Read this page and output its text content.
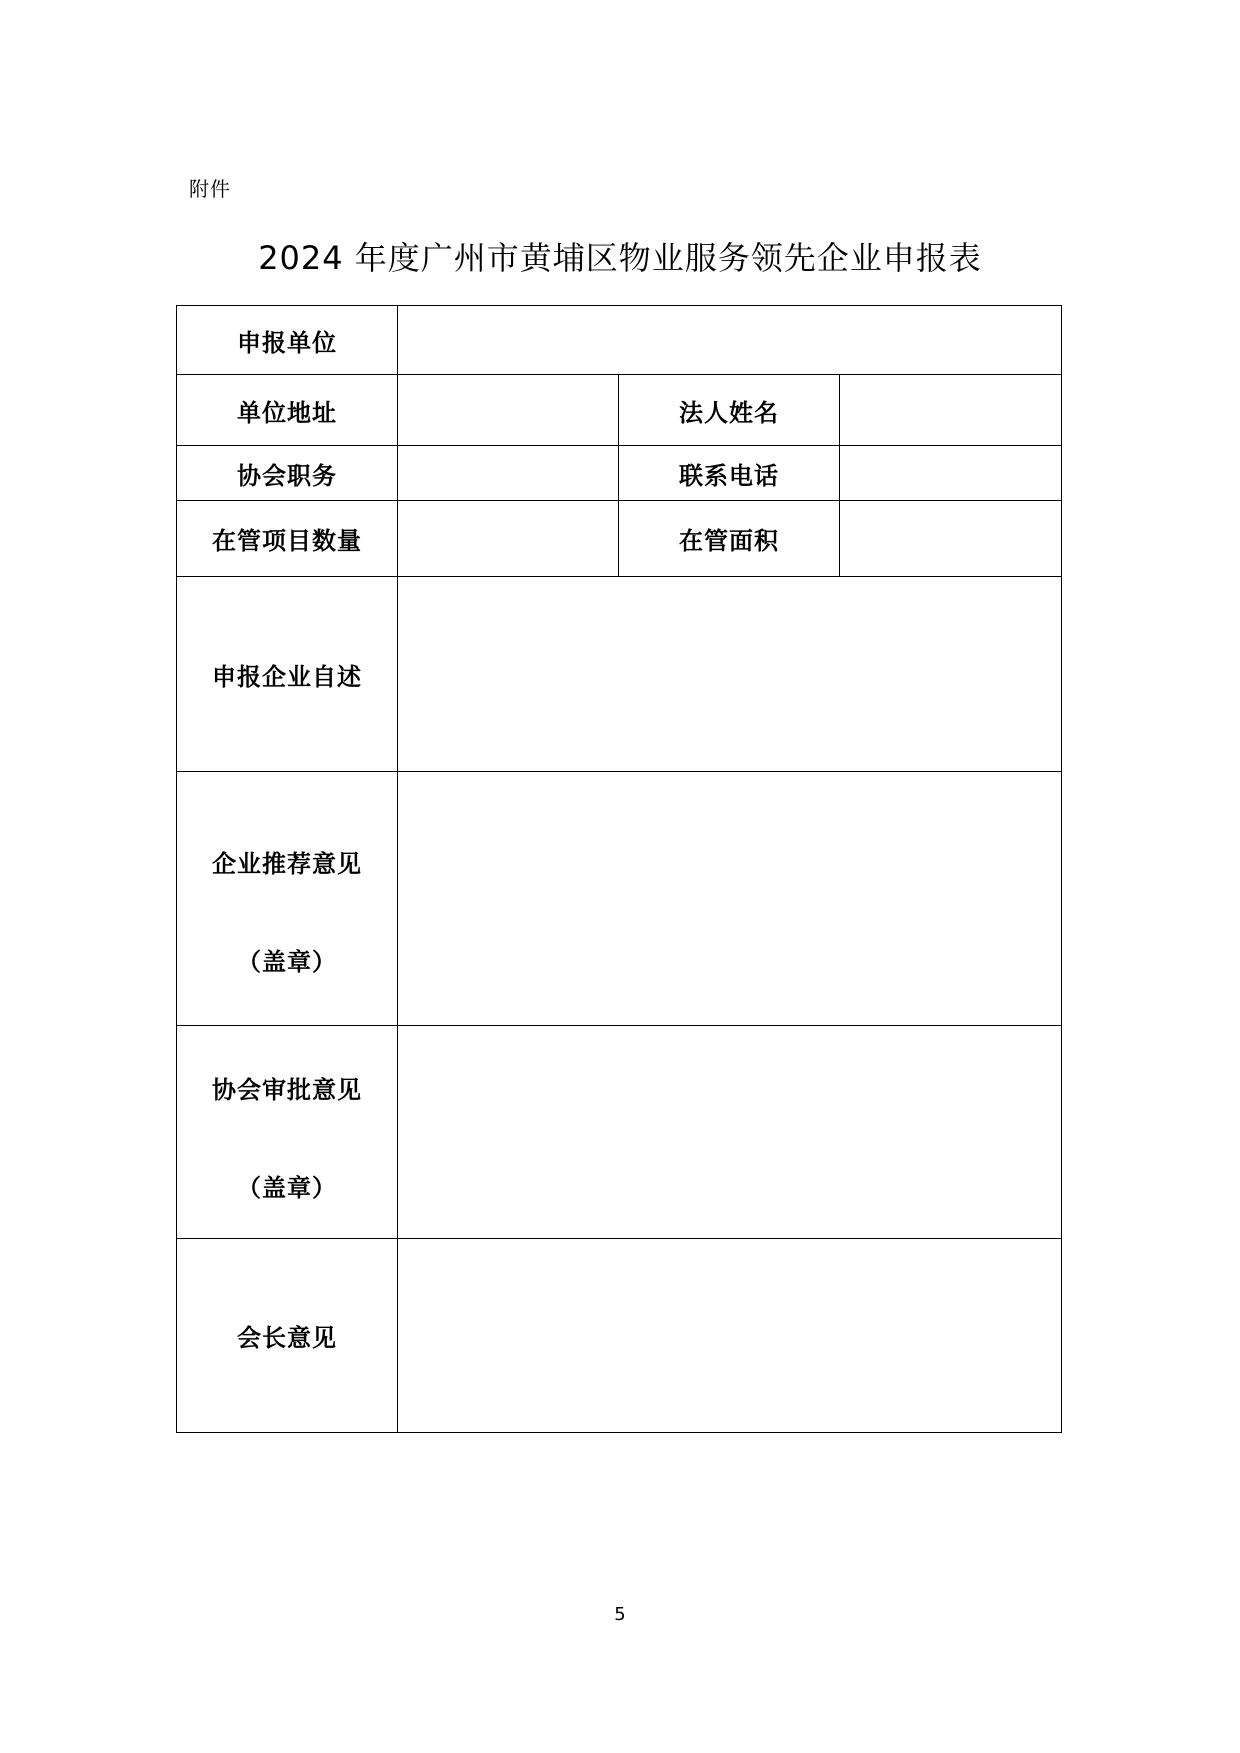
附件
2024 年度广州市黄埔区物业服务领先企业申报表
申报单位			
单位地址		法人姓名	
协会职务		联系电话	
在管项目数量		在管面积	
申报企业自述			

企业推荐意见
（盖章）			

协会审批意见
（盖章）			

会长意见			
5
